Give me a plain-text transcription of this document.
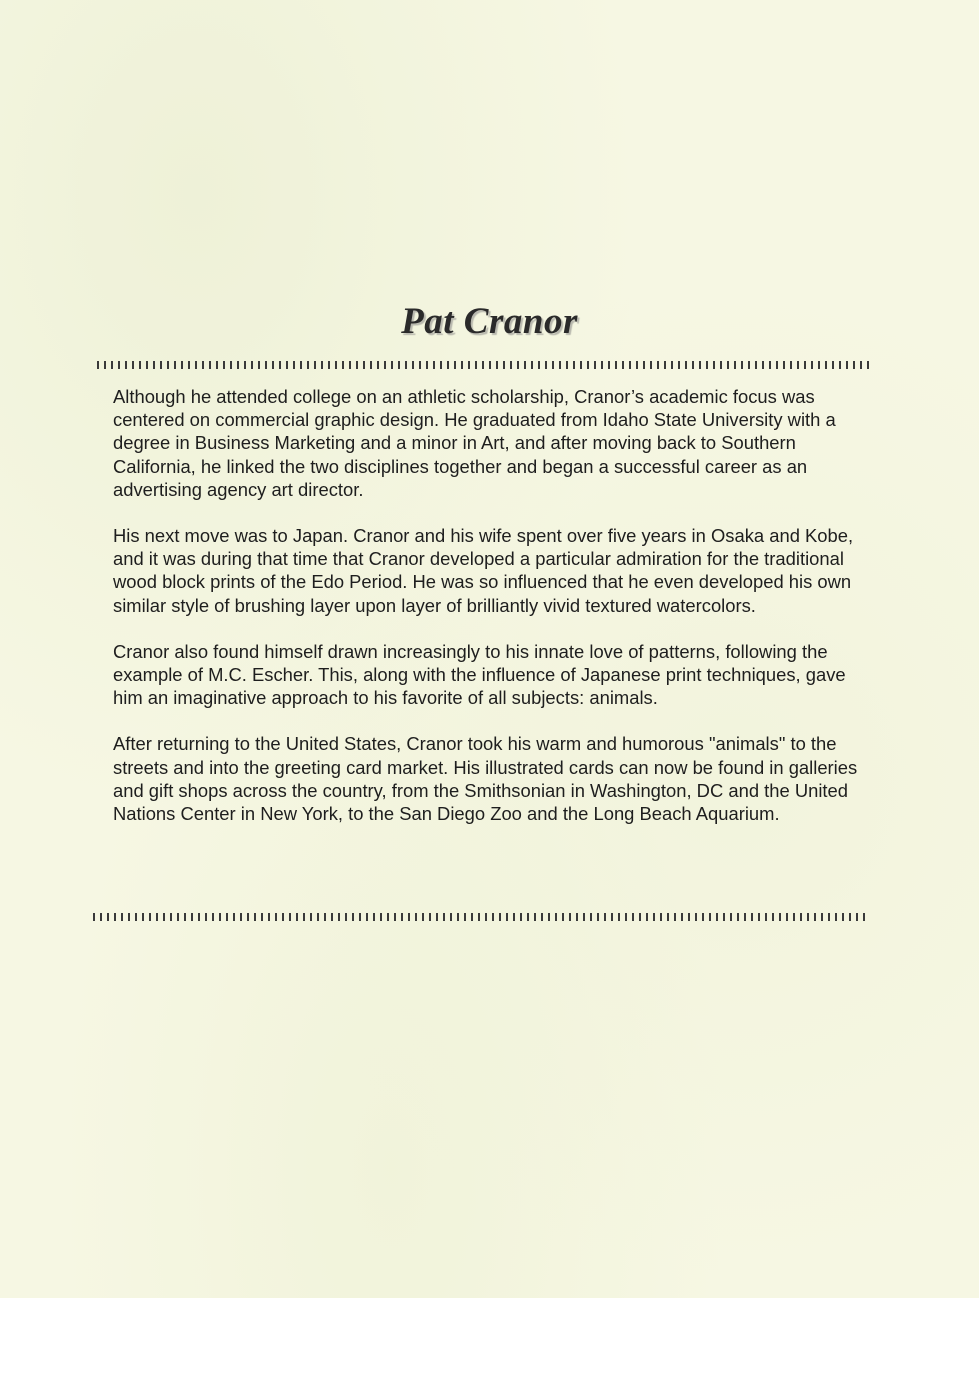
Pat Cranor

Although he attended college on an athletic scholarship, Cranor’s academic focus was centered on commercial graphic design. He graduated from Idaho State University with a degree in Business Marketing and a minor in Art, and after moving back to Southern California, he linked the two disciplines together and began a successful career as an advertising agency art director.

His next move was to Japan. Cranor and his wife spent over five years in Osaka and Kobe, and it was during that time that Cranor developed a particular admiration for the traditional wood block prints of the Edo Period. He was so influenced that he even developed his own similar style of brushing layer upon layer of brilliantly vivid textured watercolors.

Cranor also found himself drawn increasingly to his innate love of patterns, following the example of M.C. Escher. This, along with the influence of Japanese print techniques, gave him an imaginative approach to his favorite of all subjects: animals.

After returning to the United States, Cranor took his warm and humorous "animals" to the streets and into the greeting card market. His illustrated cards can now be found in galleries and gift shops across the country, from the Smithsonian in Washington, DC and the United Nations Center in New York, to the San Diego Zoo and the Long Beach Aquarium.
